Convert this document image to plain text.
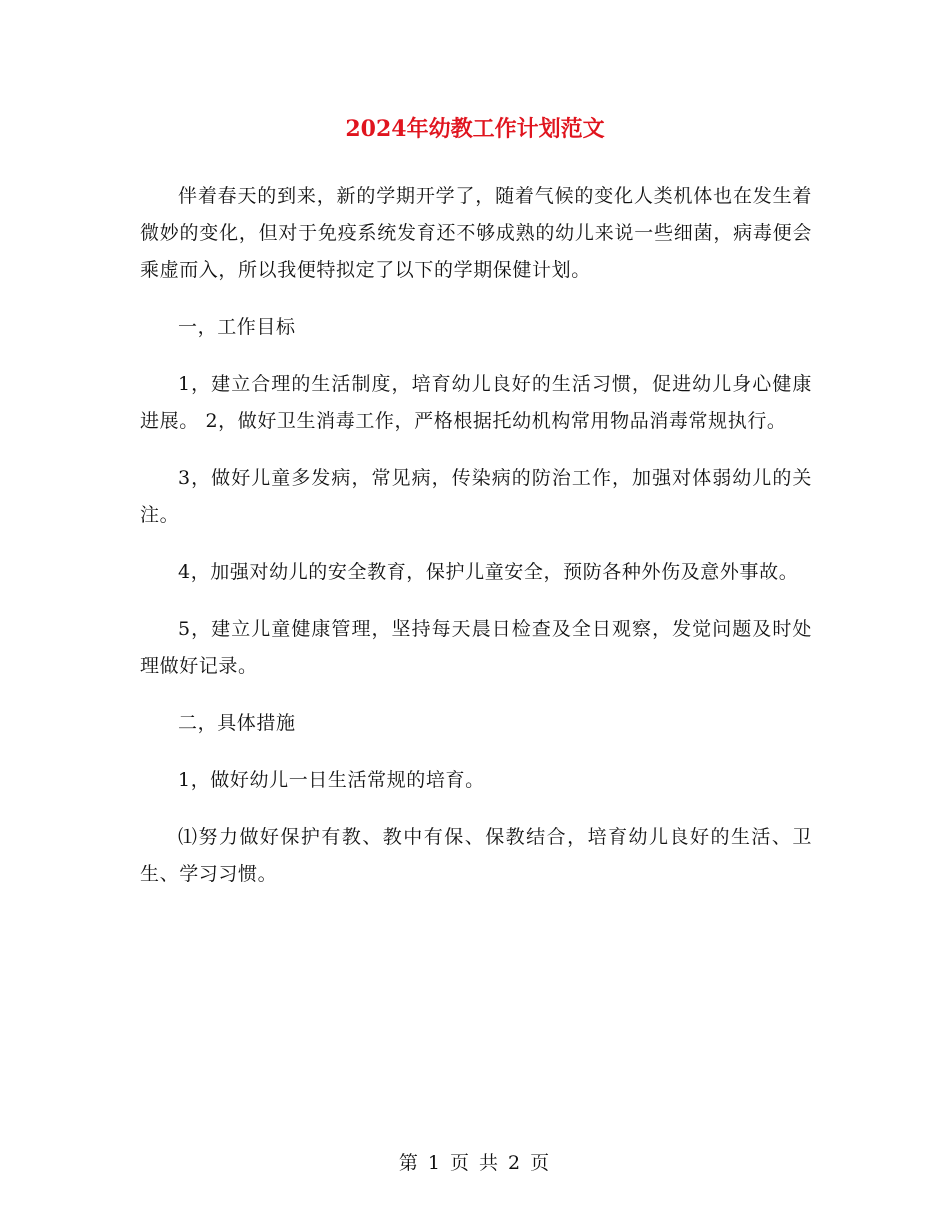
2024年幼教工作计划范文

伴着春天的到来，新的学期开学了，随着气候的变化人类机体也在发生着微妙的变化，但对于免疫系统发育还不够成熟的幼儿来说一些细菌，病毒便会乘虚而入，所以我便特拟定了以下的学期保健计划。

一，工作目标

1，建立合理的生活制度，培育幼儿良好的生活习惯，促进幼儿身心健康进展。 2，做好卫生消毒工作，严格根据托幼机构常用物品消毒常规执行。

3，做好儿童多发病，常见病，传染病的防治工作，加强对体弱幼儿的关注。

4，加强对幼儿的安全教育，保护儿童安全，预防各种外伤及意外事故。

5，建立儿童健康管理，坚持每天晨日检查及全日观察，发觉问题及时处理做好记录。

二，具体措施

1，做好幼儿一日生活常规的培育。

⑴努力做好保护有教、教中有保、保教结合，培育幼儿良好的生活、卫生、学习习惯。

第 1 页 共 2 页
